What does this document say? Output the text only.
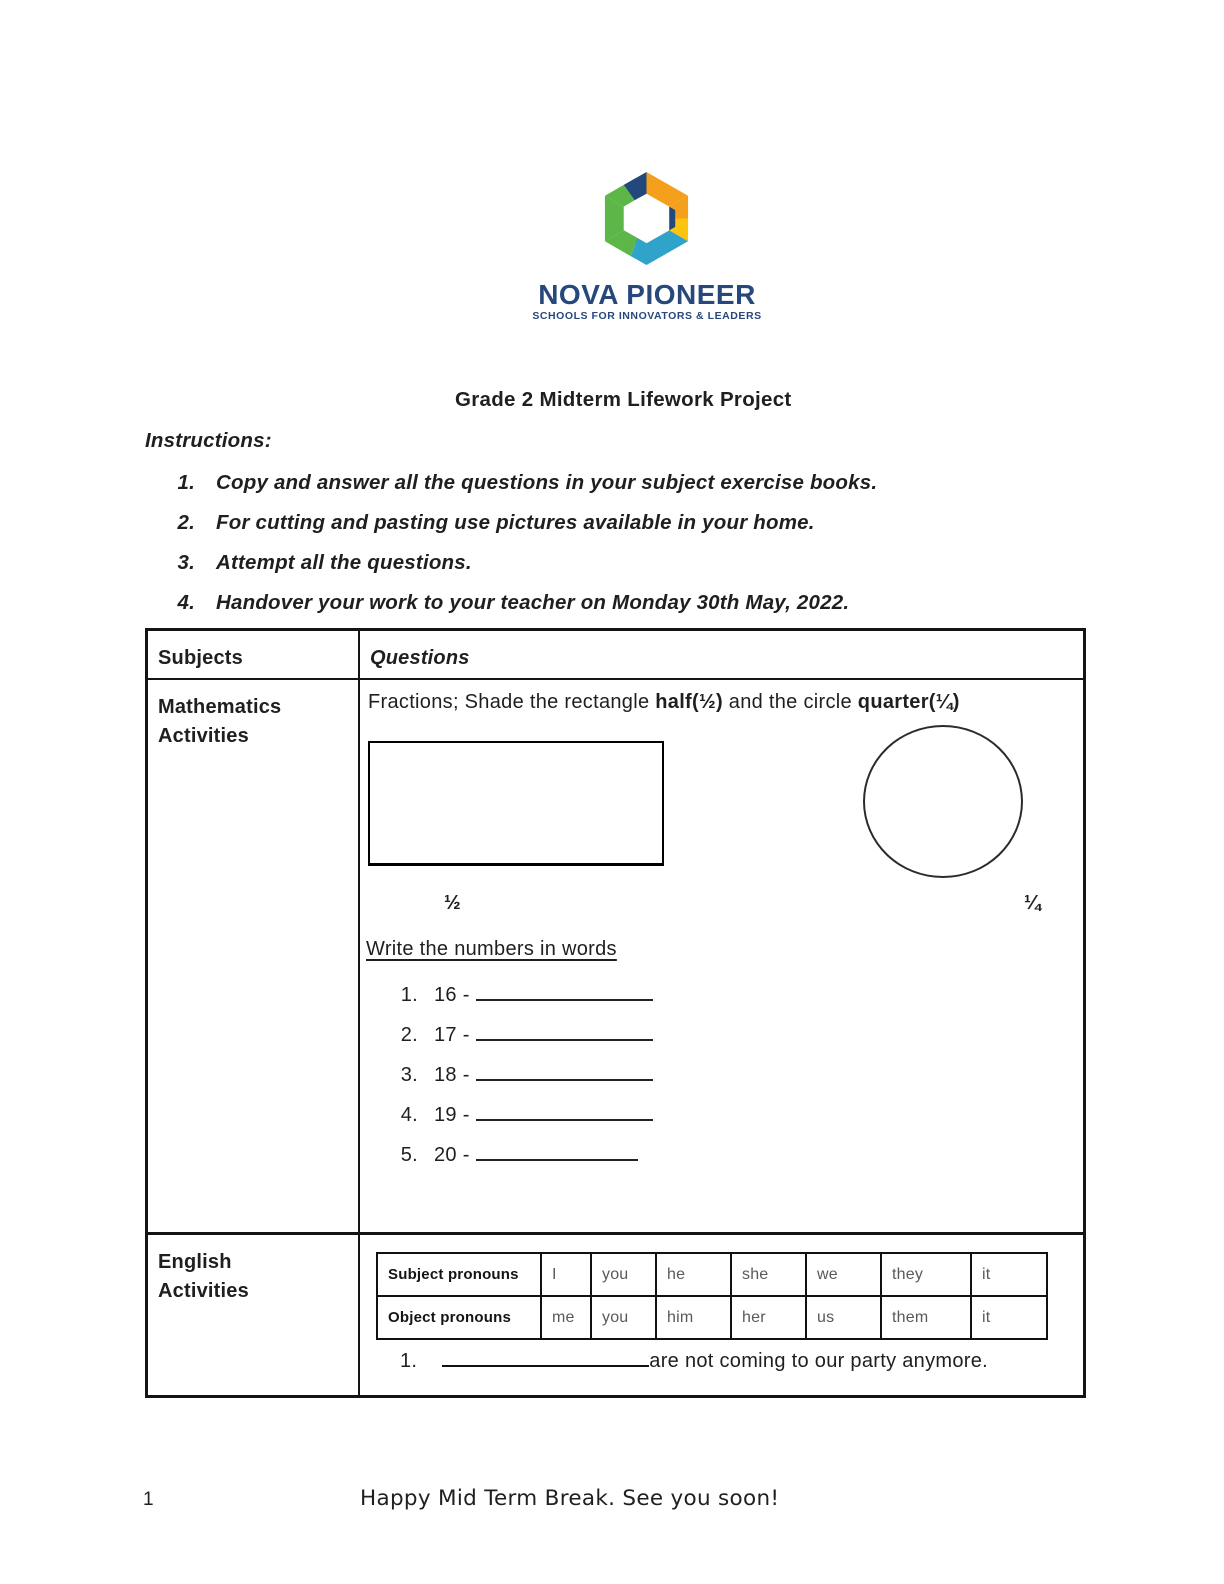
NOVA PIONEER
SCHOOLS FOR INNOVATORS & LEADERS
Grade 2 Midterm Lifework Project
Instructions:
1. Copy and answer all the questions in your subject exercise books.
2. For cutting and pasting use pictures available in your home.
3. Attempt all the questions.
4. Handover your work to your teacher on Monday 30th May, 2022.
Subjects	Questions
Mathematics
Activities
Fractions; Shade the rectangle half(½) and the circle quarter(¼)
½	¼
Write the numbers in words
1. 16 -
2. 17 -
3. 18 -
4. 19 -
5. 20 -
English
Activities
Subject pronouns	I	you	he	she	we	they	it
Object pronouns	me	you	him	her	us	them	it
1.	are not coming to our party anymore.
1	Happy Mid Term Break. See you soon!
